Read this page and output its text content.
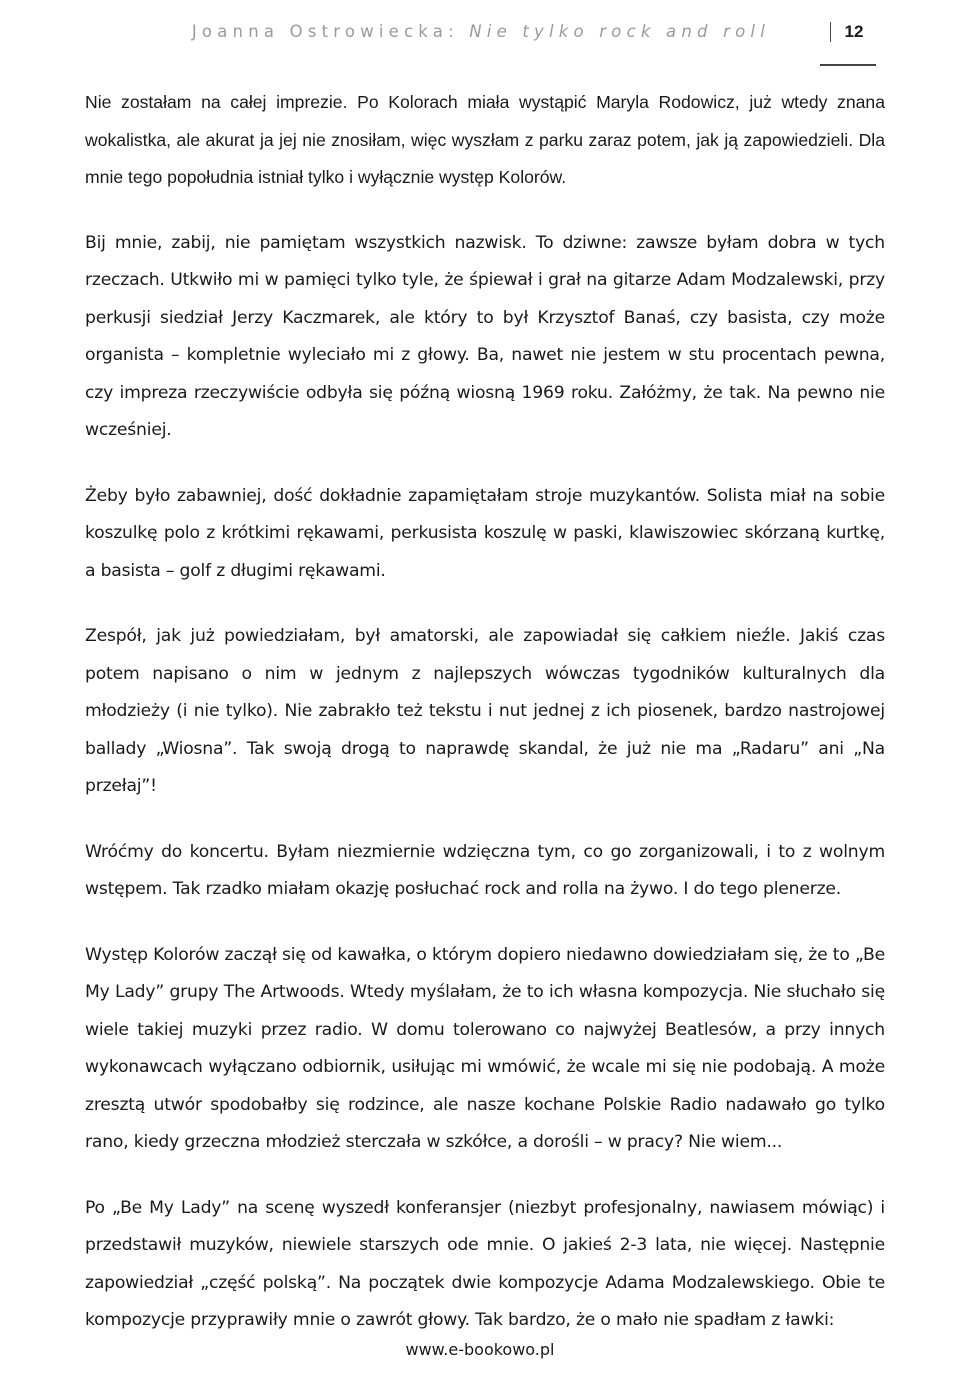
Joanna Ostrowiecka: Nie tylko rock and roll	12

Nie zostałam na całej imprezie. Po Kolorach miała wystąpić Maryla Rodowicz, już wtedy znana wokalistka, ale akurat ja jej nie znosiłam, więc wyszłam z parku zaraz potem, jak ją zapowiedzieli. Dla mnie tego popołudnia istniał tylko i wyłącznie występ Kolorów.

Bij mnie, zabij, nie pamiętam wszystkich nazwisk. To dziwne: zawsze byłam dobra w tych rzeczach. Utkwiło mi w pamięci tylko tyle, że śpiewał i grał na gitarze Adam Modzalewski, przy perkusji siedział Jerzy Kaczmarek, ale który to był Krzysztof Banaś, czy basista, czy może organista – kompletnie wyleciało mi z głowy. Ba, nawet nie jestem w stu procentach pewna, czy impreza rzeczywiście odbyła się późną wiosną 1969 roku. Załóżmy, że tak. Na pewno nie wcześniej.

Żeby było zabawniej, dość dokładnie zapamiętałam stroje muzykantów. Solista miał na sobie koszulkę polo z krótkimi rękawami, perkusista koszulę w paski, klawiszowiec skórzaną kurtkę, a basista – golf z długimi rękawami.

Zespół, jak już powiedziałam, był amatorski, ale zapowiadał się całkiem nieźle. Jakiś czas potem napisano o nim w jednym z najlepszych wówczas tygodników kulturalnych dla młodzieży (i nie tylko). Nie zabrakło też tekstu i nut jednej z ich piosenek, bardzo nastrojowej ballady „Wiosna”. Tak swoją drogą to naprawdę skandal, że już nie ma „Radaru” ani „Na przełaj”!

Wróćmy do koncertu. Byłam niezmiernie wdzięczna tym, co go zorganizowali, i to z wolnym wstępem. Tak rzadko miałam okazję posłuchać rock and rolla na żywo. I do tego plenerze.

Występ Kolorów zaczął się od kawałka, o którym dopiero niedawno dowiedziałam się, że to „Be My Lady” grupy The Artwoods. Wtedy myślałam, że to ich własna kompozycja. Nie słuchało się wiele takiej muzyki przez radio. W domu tolerowano co najwyżej Beatlesów, a przy innych wykonawcach wyłączano odbiornik, usiłując mi wmówić, że wcale mi się nie podobają. A może zresztą utwór spodobałby się rodzince, ale nasze kochane Polskie Radio nadawało go tylko rano, kiedy grzeczna młodzież sterczała w szkółce, a dorośli – w pracy? Nie wiem...

Po „Be My Lady” na scenę wyszedł konferansjer (niezbyt profesjonalny, nawiasem mówiąc) i przedstawił muzyków, niewiele starszych ode mnie. O jakieś 2-3 lata, nie więcej. Następnie zapowiedział „część polską”. Na początek dwie kompozycje Adama Modzalewskiego. Obie te kompozycje przyprawiły mnie o zawrót głowy. Tak bardzo, że o mało nie spadłam z ławki:

www.e-bookowo.pl
